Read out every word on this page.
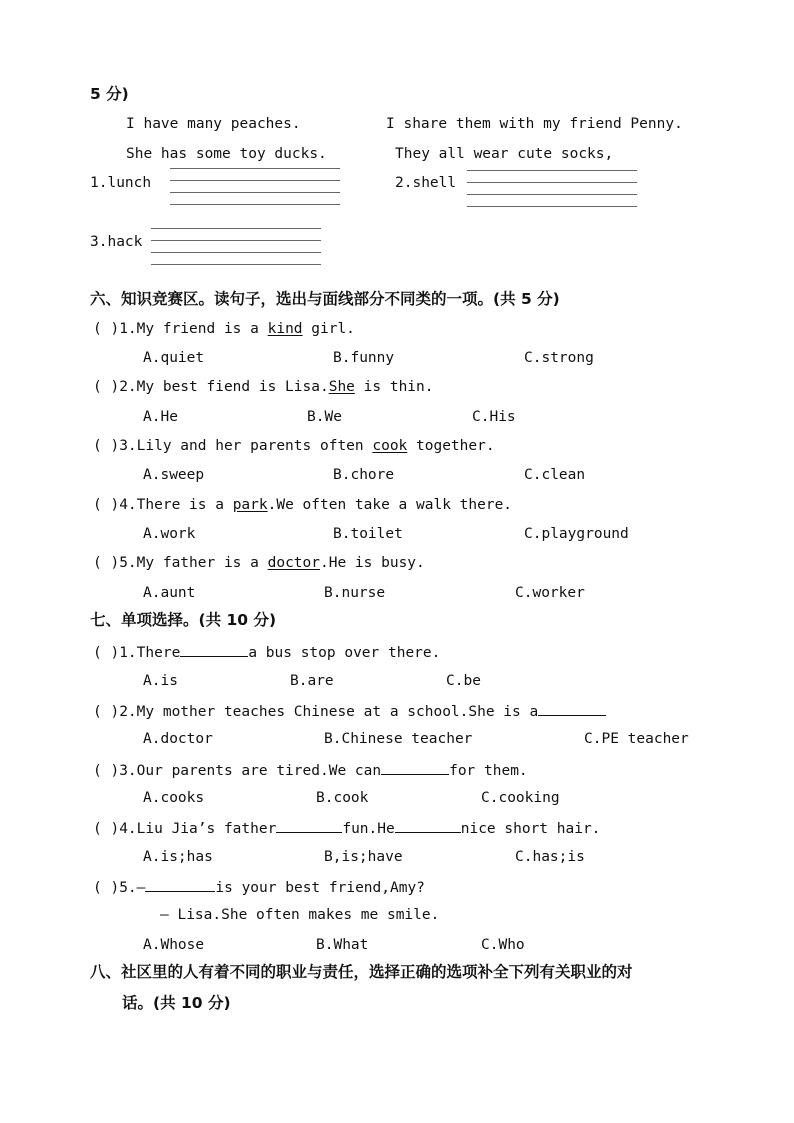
5 分)
I have many peaches.	I share them with my friend Penny.
She has some toy ducks.	They all wear cute socks,
1.lunch	2.shell
3.hack
六、知识竞赛区。读句子，选出与面线部分不同类的一项。(共 5 分)
( )1.My friend is a kind girl.
A.quiet	B.funny	C.strong
( )2.My best fiend is Lisa.She is thin.
A.He	B.We	C.His
( )3.Lily and her parents often cook together.
A.sweep	B.chore	C.clean
( )4.There is a park.We often take a walk there.
A.work	B.toilet	C.playground
( )5.My father is a doctor.He is busy.
A.aunt	B.nurse	C.worker
七、单项选择。(共 10 分)
( )1.There	a bus stop over there.
A.is	B.are	C.be
( )2.My mother teaches Chinese at a school.She is a
A.doctor	B.Chinese teacher	C.PE teacher
( )3.Our parents are tired.We can	for them.
A.cooks	B.cook	C.cooking
( )4.Liu Jia’s father	fun.He	nice short hair.
A.is;has	B,is;have	C.has;is
( )5.—	is your best friend,Amy?
— Lisa.She often makes me smile.
A.Whose	B.What	C.Who
八、社区里的人有着不同的职业与责任，选择正确的选项补全下列有关职业的对
话。(共 10 分)
